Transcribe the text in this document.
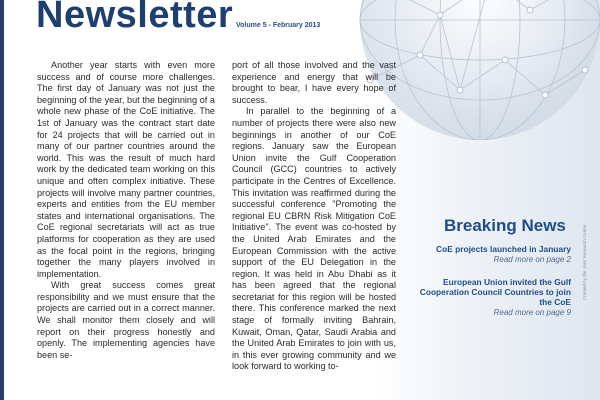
Newsletter Volume 5 - February 2013

Another year starts with even more success and of course more challenges. The first day of January was not just the beginning of the year, but the beginning of a whole new phase of the CoE initiative. The 1st of January was the contract start date for 24 projects that will be carried out in many of our partner countries around the world. This was the result of much hard work by the dedicated team working on this unique and often complex initiative. These projects will involve many partner countries, experts and entities from the EU member states and international organisations. The CoE regional secretariats will act as true platforms for cooperation as they are used as the focal point in the regions, bringing together the many players involved in implementation.

With great success comes great responsibility and we must ensure that the projects are carried out in a correct manner. We shall monitor them closely and will report on their progress honestly and openly. The implementing agencies have been se-

port of all those involved and the vast experience and energy that will be brought to bear, I have every hope of success.

In parallel to the beginning of a number of projects there were also new beginnings in another of our CoE regions. January saw the European Union invite the Gulf Cooperation Council (GCC) countries to actively participate in the Centres of Excellence. This invitation was reaffirmed during the successful conference "Promoting the regional EU CBRN Risk Mitigation CoE Initiative". The event was co-hosted by the United Arab Emirates and the European Commission with the active support of the EU Delegation in the region. It was held in Abu Dhabi as it has been agreed that the regional secretariat for this region will be hosted there. This conference marked the next stage of formally inviting Bahrain, Kuwait, Oman, Qatar, Saudi Arabia and the United Arab Emirates to join with us, in this ever growing community and we look forward to working to-

Breaking News
CoE projects launched in January
Read more on page 2
European Union invited the Gulf Cooperation Council Countries to join the CoE
Read more on page 9
Created by the Joint Research Centre
